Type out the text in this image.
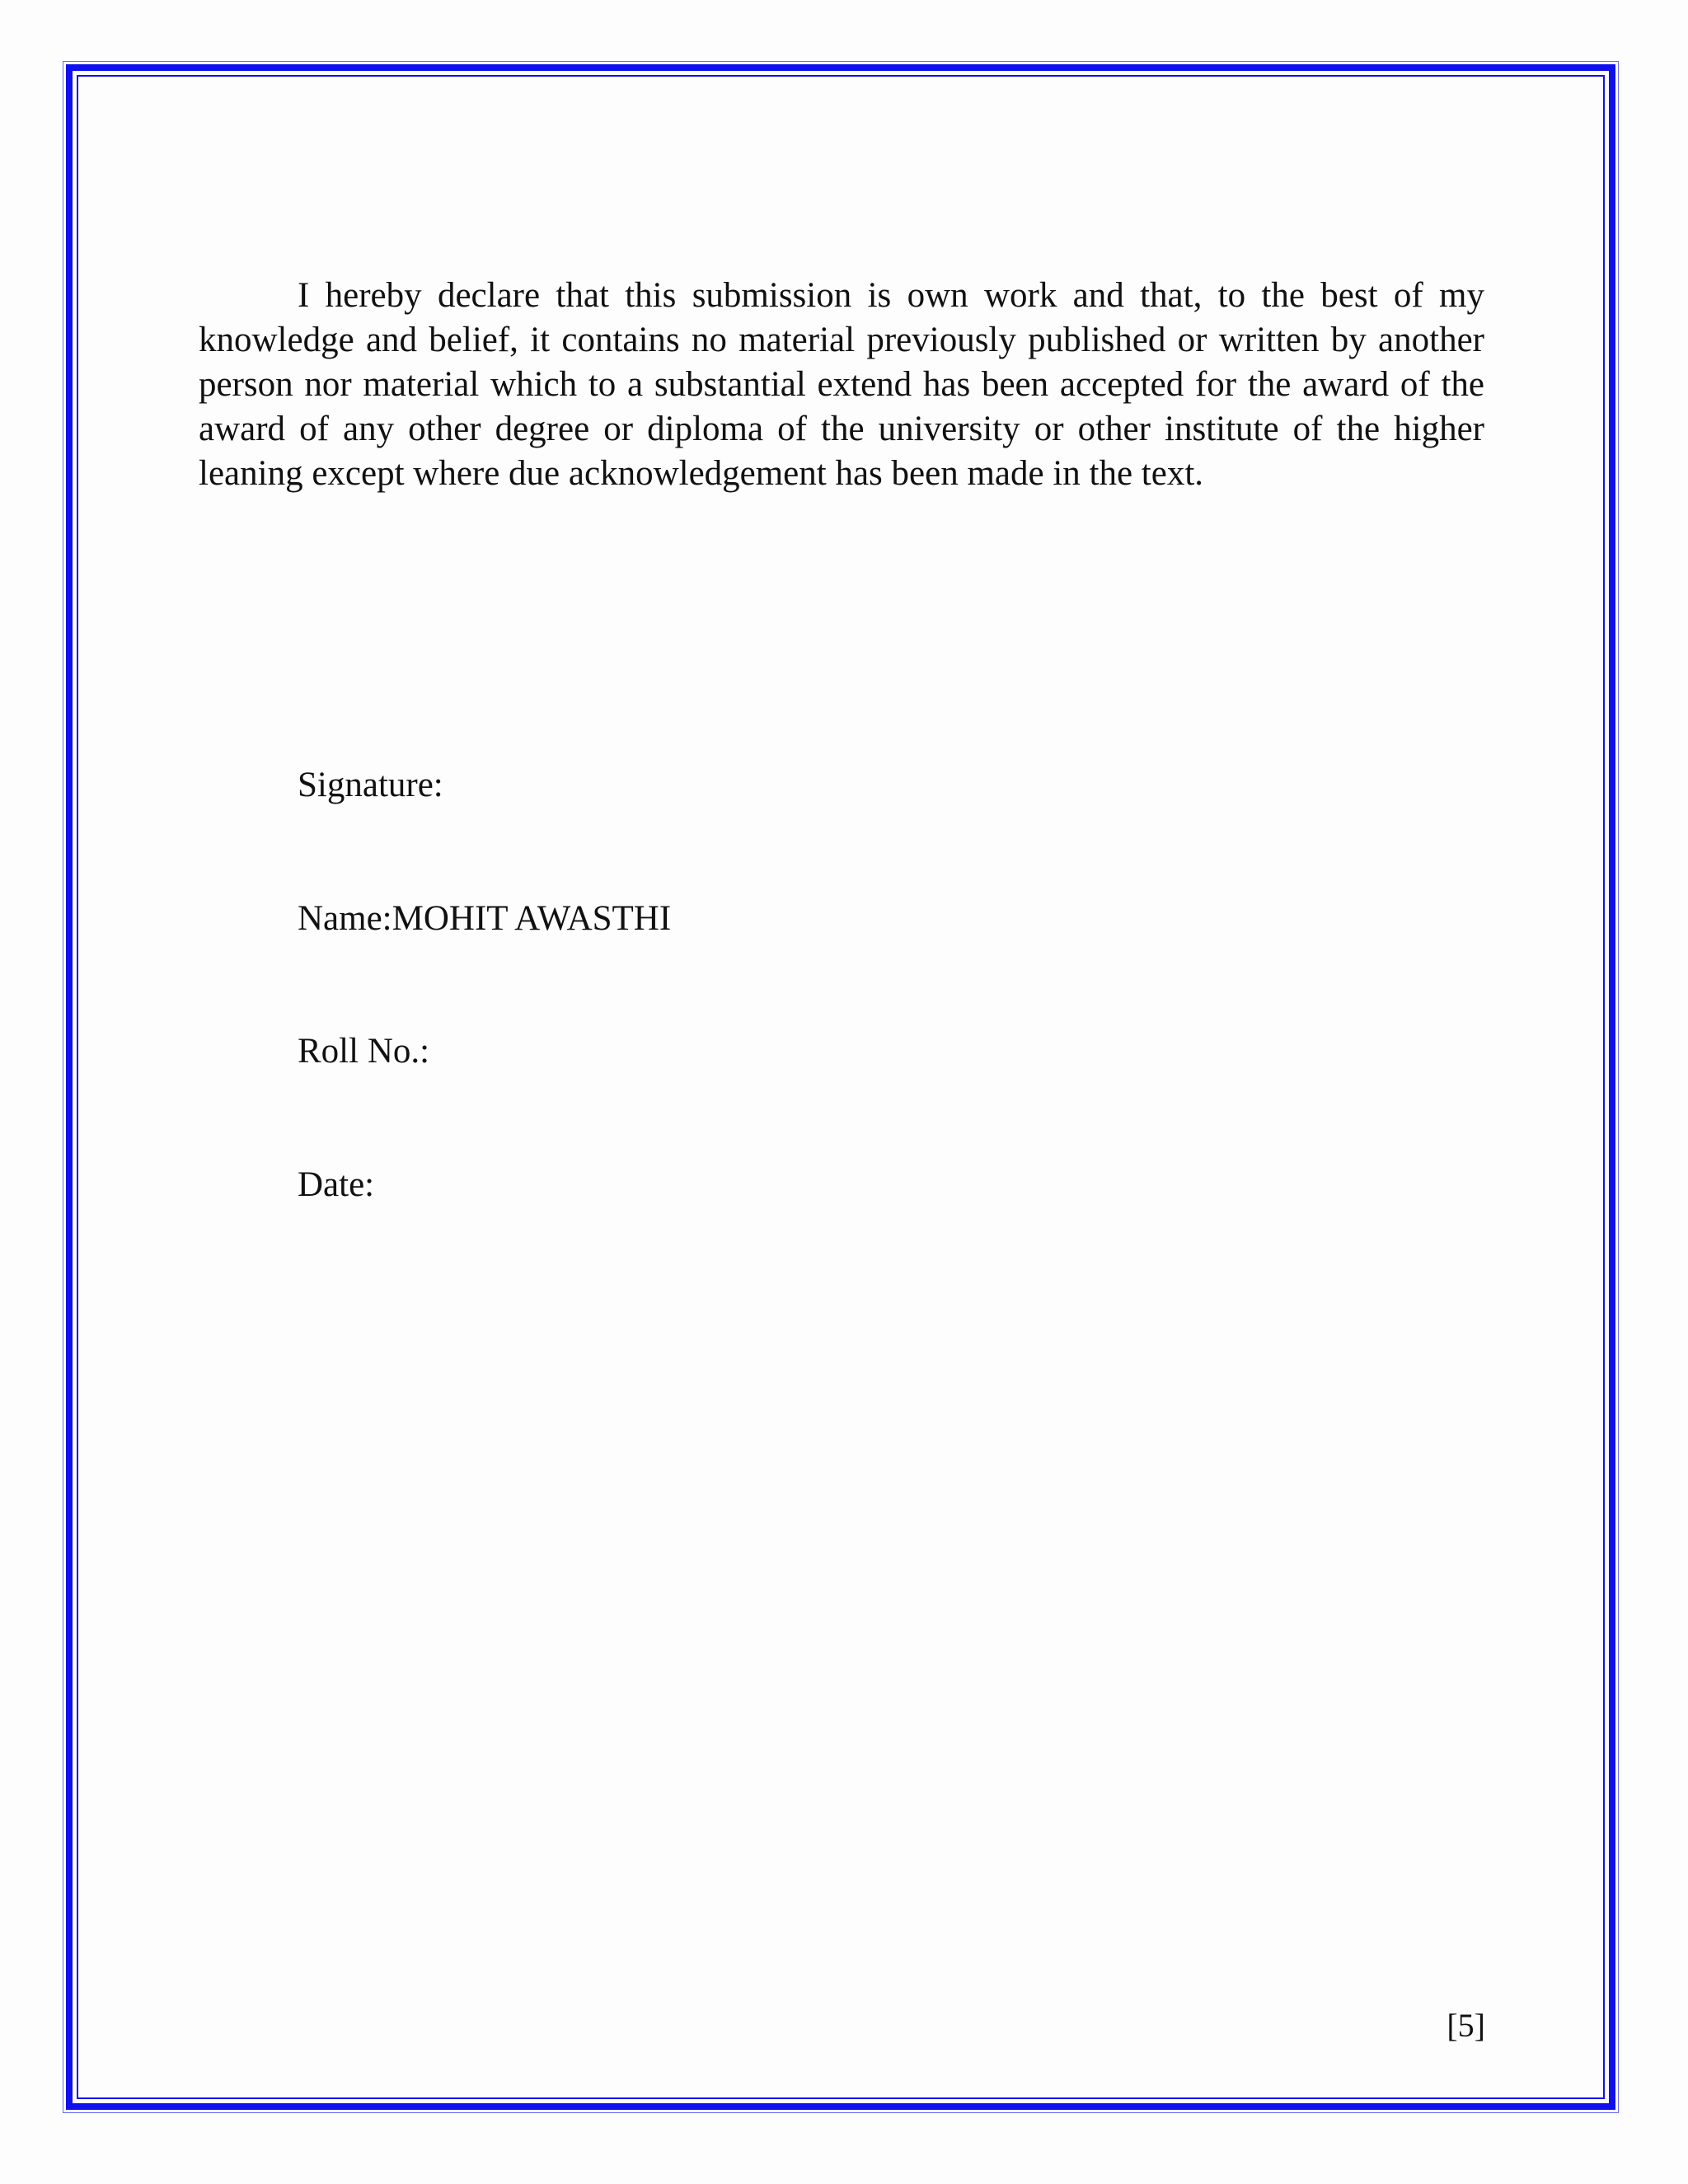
I hereby declare that this submission is own work and that, to the best of my knowledge and belief, it contains no material previously published or written by another person nor material which to a substantial extend has been accepted for the award of the award of any other degree or diploma of the university or other institute of the higher leaning except where due acknowledgement has been made in the text.

Signature:

Name:MOHIT AWASTHI

Roll No.:

Date:

[5]
